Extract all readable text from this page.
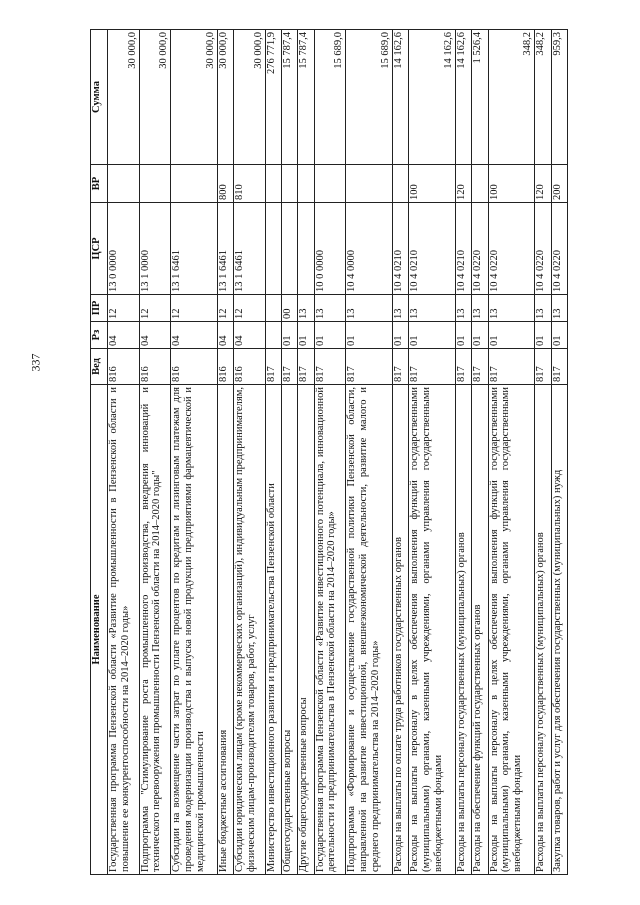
337
Наименование	Вед	Рз	ПР	ЦСР	ВР	Сумма
Государственная программа Пензенской области «Развитие промышленности в Пензенской области и повышение ее конкурентоспособности на 2014–2020 годы»	816	04	12	13 0 0000		30 000,0
Подпрограмма "Стимулирование роста промышленного производства, внедрения инноваций и технического перевооружения промышленности Пензенской области на 2014–2020 годы"	816	04	12	13 1 0000		30 000,0
Субсидии на возмещение части затрат по уплате процентов по кредитам и лизинговым платежам для проведения модернизации производства и выпуска новой продукции предприятиями фармацевтической и медицинской промышленности	816	04	12	13 1 6461		30 000,0
Иные бюджетные ассигнования	816	04	12	13 1 6461	800	30 000,0
Субсидии юридическим лицам (кроме некоммерческих организаций), индивидуальным предпринимателям, физическим лицам-производителям товаров, работ, услуг	816	04	12	13 1 6461	810	30 000,0
Министерство инвестиционного развития и предпринимательства Пензенской области	817					276 771,9
Общегосударственные вопросы	817	01	00			15 787,4
Другие общегосударственные вопросы	817	01	13			15 787,4
Государственная программа Пензенской области «Развитие инвестиционного потенциала, инновационной деятельности и предпринимательства в Пензенской области на 2014–2020 годы»	817	01	13	10 0 0000		15 689,0
Подпрограмма «Формирование и осуществление государственной политики Пензенской области, направленной на развитие инвестиционной, внешнеэкономической деятельности, развитие малого и среднего предпринимательства на 2014–2020 годы»	817	01	13	10 4 0000		15 689,0
Расходы на выплаты по оплате труда работников государственных органов	817	01	13	10 4 0210		14 162,6
Расходы на выплаты персоналу в целях обеспечения выполнения функций государственными (муниципальными) органами, казенными учреждениями, органами управления государственными внебюджетными фондами	817	01	13	10 4 0210	100	14 162,6
Расходы на выплаты персоналу государственных (муниципальных) органов	817	01	13	10 4 0210	120	14 162,6
Расходы на обеспечение функций государственных органов	817	01	13	10 4 0220		1 526,4
Расходы на выплаты персоналу в целях обеспечения выполнения функций государственными (муниципальными) органами, казенными учреждениями, органами управления государственными внебюджетными фондами	817	01	13	10 4 0220	100	348,2
Расходы на выплаты персоналу государственных (муниципальных) органов	817	01	13	10 4 0220	120	348,2
Закупка товаров, работ и услуг для обеспечения государственных (муниципальных) нужд	817	01	13	10 4 0220	200	959,3
